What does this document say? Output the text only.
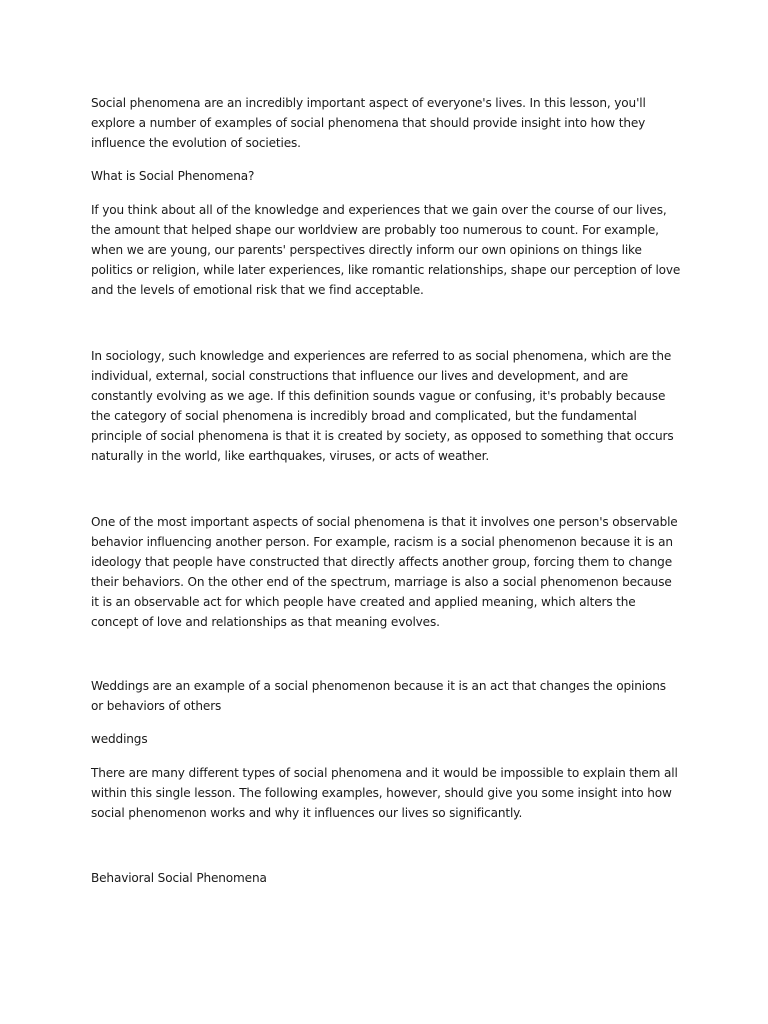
Social phenomena are an incredibly important aspect of everyone's lives. In this lesson, you'll explore a number of examples of social phenomena that should provide insight into how they influence the evolution of societies.

What is Social Phenomena?

If you think about all of the knowledge and experiences that we gain over the course of our lives, the amount that helped shape our worldview are probably too numerous to count. For example, when we are young, our parents' perspectives directly inform our own opinions on things like politics or religion, while later experiences, like romantic relationships, shape our perception of love and the levels of emotional risk that we find acceptable.

In sociology, such knowledge and experiences are referred to as social phenomena, which are the individual, external, social constructions that influence our lives and development, and are constantly evolving as we age. If this definition sounds vague or confusing, it's probably because the category of social phenomena is incredibly broad and complicated, but the fundamental principle of social phenomena is that it is created by society, as opposed to something that occurs naturally in the world, like earthquakes, viruses, or acts of weather.

One of the most important aspects of social phenomena is that it involves one person's observable behavior influencing another person. For example, racism is a social phenomenon because it is an ideology that people have constructed that directly affects another group, forcing them to change their behaviors. On the other end of the spectrum, marriage is also a social phenomenon because it is an observable act for which people have created and applied meaning, which alters the concept of love and relationships as that meaning evolves.

Weddings are an example of a social phenomenon because it is an act that changes the opinions or behaviors of others

weddings

There are many different types of social phenomena and it would be impossible to explain them all within this single lesson. The following examples, however, should give you some insight into how social phenomenon works and why it influences our lives so significantly.

Behavioral Social Phenomena
